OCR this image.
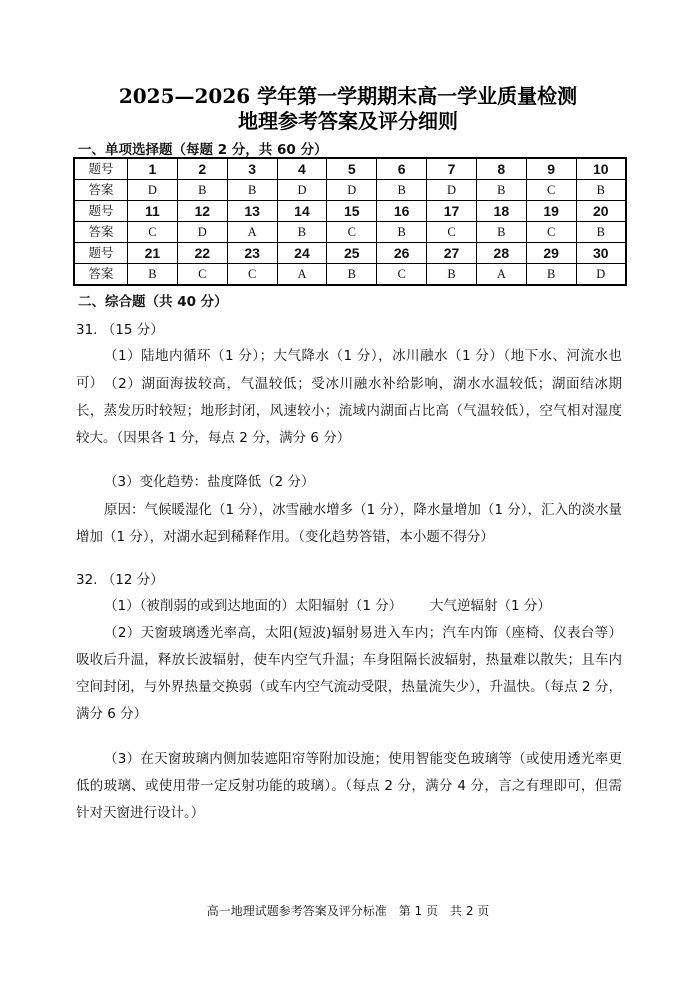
2025—2026 学年第一学期期末高一学业质量检测
地理参考答案及评分细则
一、单项选择题（每题 2 分，共 60 分）
题号	1	2	3	4	5	6	7	8	9	10
答案	D	B	B	D	D	B	D	B	C	B
题号	11	12	13	14	15	16	17	18	19	20
答案	C	D	A	B	C	B	C	B	C	B
题号	21	22	23	24	25	26	27	28	29	30
答案	B	C	C	A	B	C	B	A	B	D
二、综合题（共 40 分）
31. （15 分）

（1）陆地内循环（1 分）；大气降水（1 分），冰川融水（1 分）（地下水、河流水也可） （2）湖面海拔较高，气温较低；受冰川融水补给影响，湖水水温较低；湖面结冰期长，蒸发历时较短；地形封闭，风速较小；流域内湖面占比高（气温较低），空气相对湿度较大。（因果各 1 分，每点 2 分，满分 6 分）

（3）变化趋势：盐度降低（2 分）

原因：气候暖湿化（1 分），冰雪融水增多（1 分），降水量增加（1 分），汇入的淡水量增加（1 分），对湖水起到稀释作用。（变化趋势答错，本小题不得分）

32. （12 分）
（1）（被削弱的或到达地面的）太阳辐射（1 分） 大气逆辐射（1 分）

（2）天窗玻璃透光率高，太阳(短波)辐射易进入车内；汽车内饰（座椅、仪表台等）吸收后升温，释放长波辐射，使车内空气升温；车身阻隔长波辐射，热量难以散失；且车内空间封闭，与外界热量交换弱（或车内空气流动受限，热量流失少），升温快。（每点 2 分，满分 6 分）

（3）在天窗玻璃内侧加装遮阳帘等附加设施；使用智能变色玻璃等（或使用透光率更低的玻璃、或使用带一定反射功能的玻璃）。（每点 2 分，满分 4 分，言之有理即可，但需针对天窗进行设计。）

高一地理试题参考答案及评分标准　第 1 页　共 2 页
